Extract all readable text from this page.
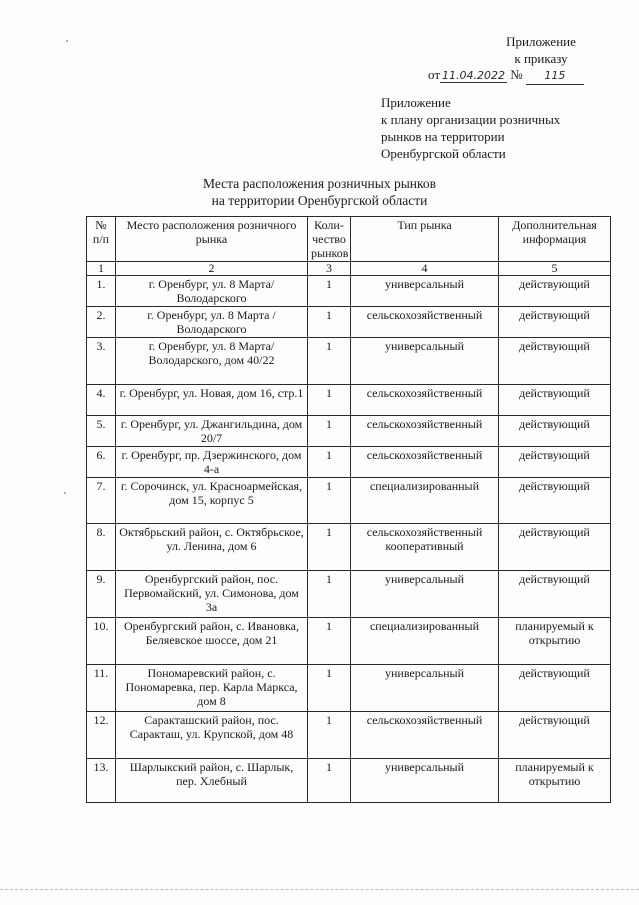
Приложение
к приказу
от 11.04.2022 № 115
Приложение
к плану организации розничных
рынков на территории
Оренбургской области
Места расположения розничных рынков
на территории Оренбургской области
№ п/п	Место расположения розничного рынка	Коли-чество рынков	Тип рынка	Дополнительная информация
1	2	3	4	5
1.	г. Оренбург, ул. 8 Марта/Володарского	1	универсальный	действующий
2.	г. Оренбург, ул. 8 Марта /Володарского	1	сельскохозяйственный	действующий
3.	г. Оренбург, ул. 8 Марта/Володарского, дом 40/22	1	универсальный	действующий
4.	г. Оренбург, ул. Новая, дом 16, стр.1	1	сельскохозяйственный	действующий
5.	г. Оренбург, ул. Джангильдина, дом 20/7	1	сельскохозяйственный	действующий
6.	г. Оренбург, пр. Дзержинского, дом 4-а	1	сельскохозяйственный	действующий
7.	г. Сорочинск, ул. Красноармейская, дом 15, корпус 5	1	специализированный	действующий
8.	Октябрьский район, с. Октябрьское, ул. Ленина, дом 6	1	сельскохозяйственный кооперативный	действующий
9.	Оренбургский район, пос. Первомайский, ул. Симонова, дом 3а	1	универсальный	действующий
10.	Оренбургский район, с. Ивановка, Беляевское шоссе, дом 21	1	специализированный	планируемый к открытию
11.	Пономаревский район, с. Пономаревка, пер. Карла Маркса, дом 8	1	универсальный	действующий
12.	Саракташский район, пос. Саракташ, ул. Крупской, дом 48	1	сельскохозяйственный	действующий
13.	Шарлыкский район, с. Шарлык, пер. Хлебный	1	универсальный	планируемый к открытию
